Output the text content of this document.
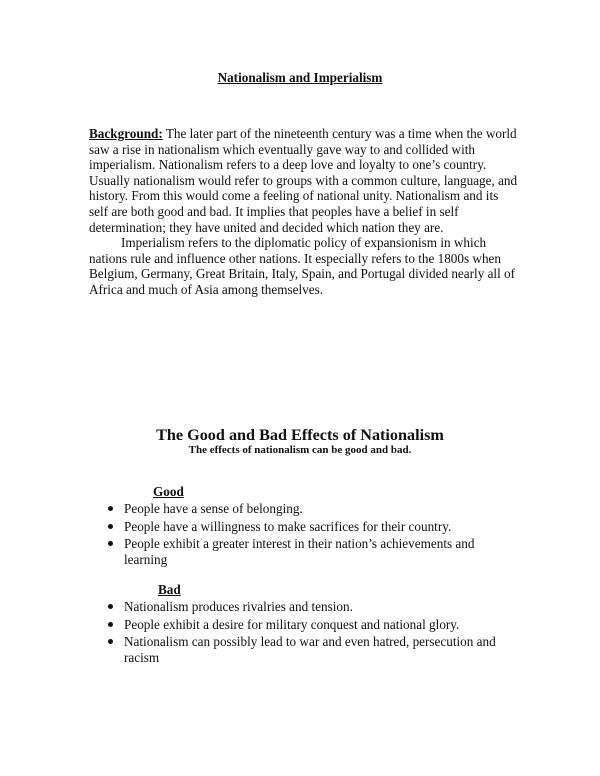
Nationalism and Imperialism

Background: The later part of the nineteenth century was a time when the world saw a rise in nationalism which eventually gave way to and collided with imperialism. Nationalism refers to a deep love and loyalty to one’s country. Usually nationalism would refer to groups with a common culture, language, and history. From this would come a feeling of national unity. Nationalism and its self are both good and bad. It implies that peoples have a belief in self determination; they have united and decided which nation they are.

Imperialism refers to the diplomatic policy of expansionism in which nations rule and influence other nations. It especially refers to the 1800s when Belgium, Germany, Great Britain, Italy, Spain, and Portugal divided nearly all of Africa and much of Asia among themselves.

The Good and Bad Effects of Nationalism
The effects of nationalism can be good and bad.
Good
People have a sense of belonging.
People have a willingness to make sacrifices for their country.
People exhibit a greater interest in their nation’s achievements and learning
Bad
Nationalism produces rivalries and tension.
People exhibit a desire for military conquest and national glory.
Nationalism can possibly lead to war and even hatred, persecution and racism
